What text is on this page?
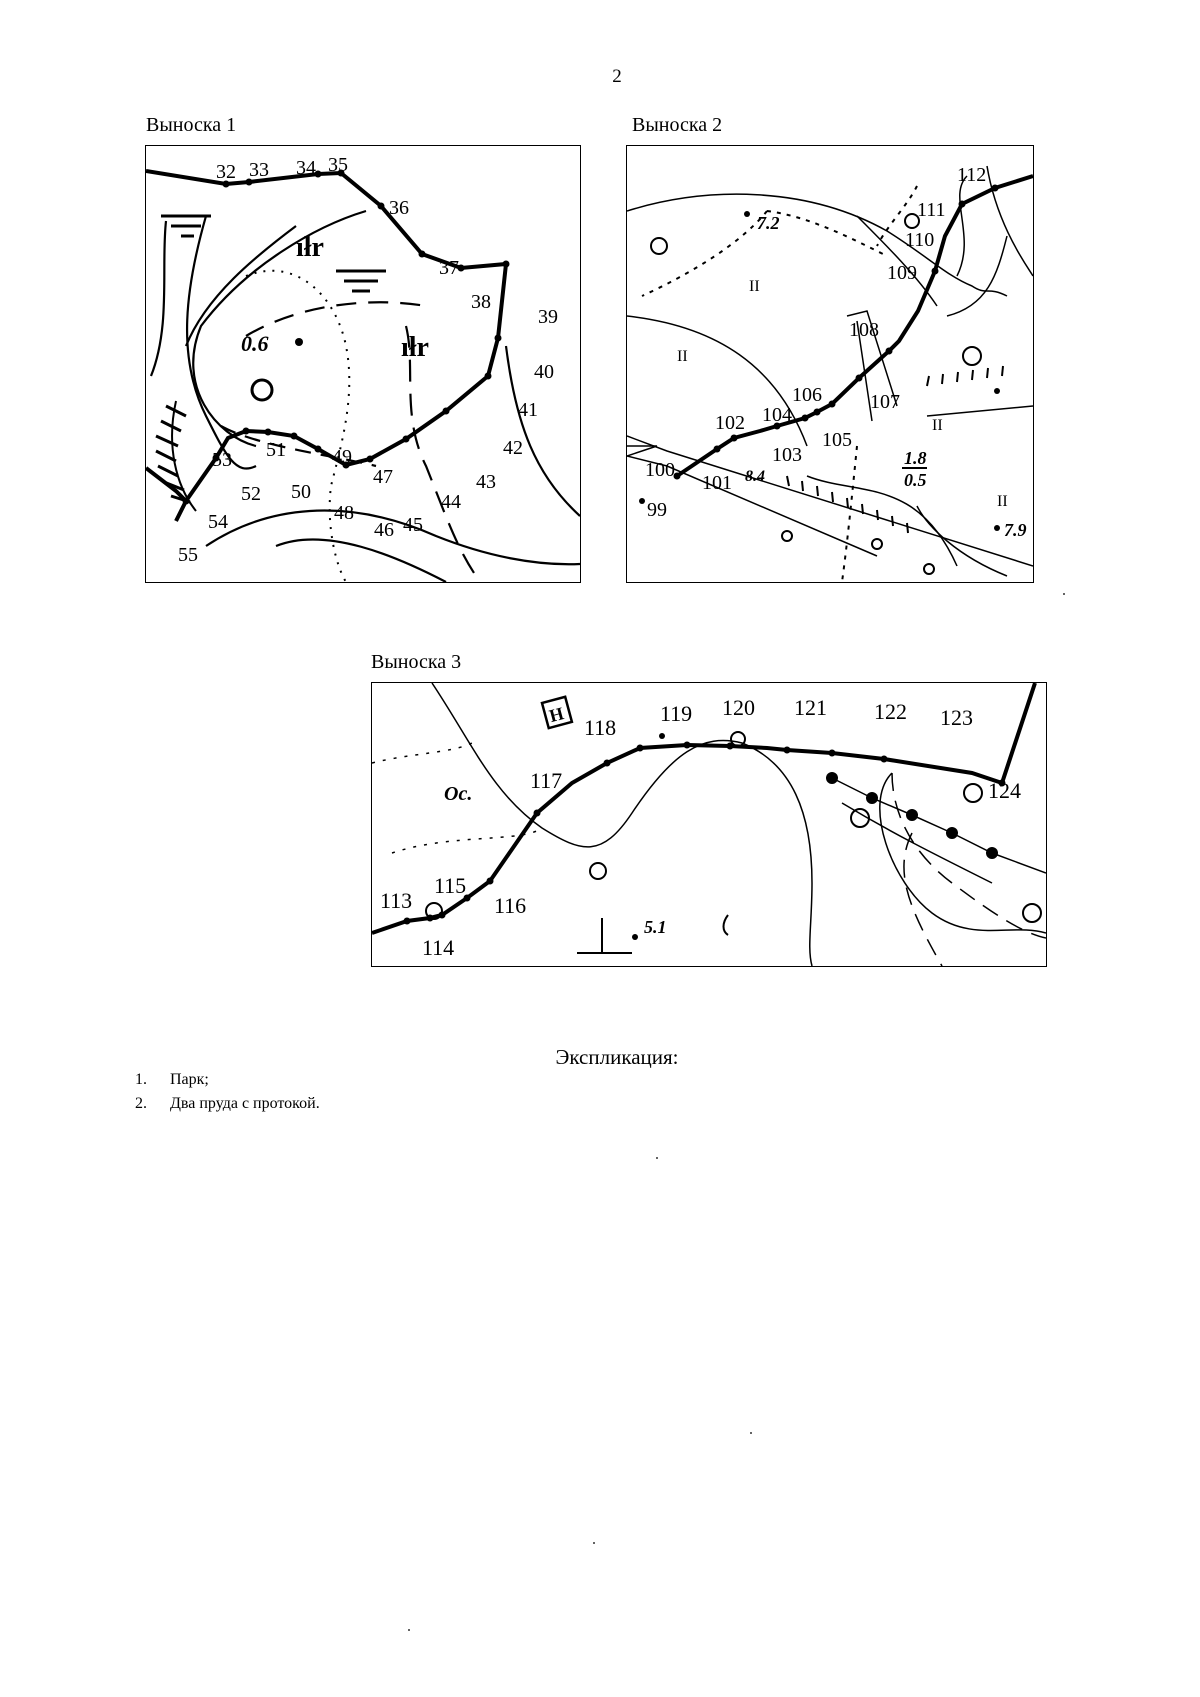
2
Выноска 1
ıłr
ıłr
0.6
32 33 34 35
36
37
38
39
40
41
42
43
44
45
46
47
48
49
50
51
52
53
54
55
Выноска 2
II
II
II
II
99
100
101
102
103
104
105
106 107
108
109
110
111
112
7.2
8.4
1.8
0.5
7.9
Выноска 3
H
113
114
115
116
117
118
119 120 121 122 123
124
Ос.
5.1
Экспликация:
1.	Парк;
2.	Два пруда с протокой.
